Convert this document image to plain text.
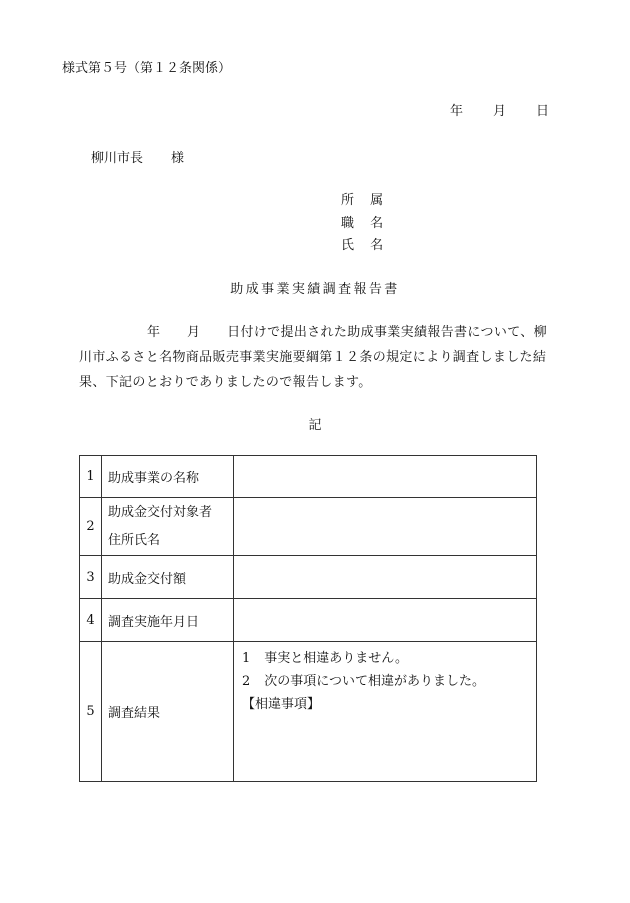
様式第５号（第１２条関係）
年 月 日
柳川市長 様
所 属
職 名
氏 名
助成事業実績調査報告書
年　　月　　日付けで提出された助成事業実績報告書について、柳
川市ふるさと名物商品販売事業実施要綱第１２条の規定により調査しました結
果、下記のとおりでありましたので報告します。
記
1	助成事業の名称	
2	助成金交付対象者
住所氏名	

3	助成金交付額	
4	調査実施年月日	
5	調査結果	1 事実と相違ありません。
2 次の事項について相違がありました。
【相違事項】
